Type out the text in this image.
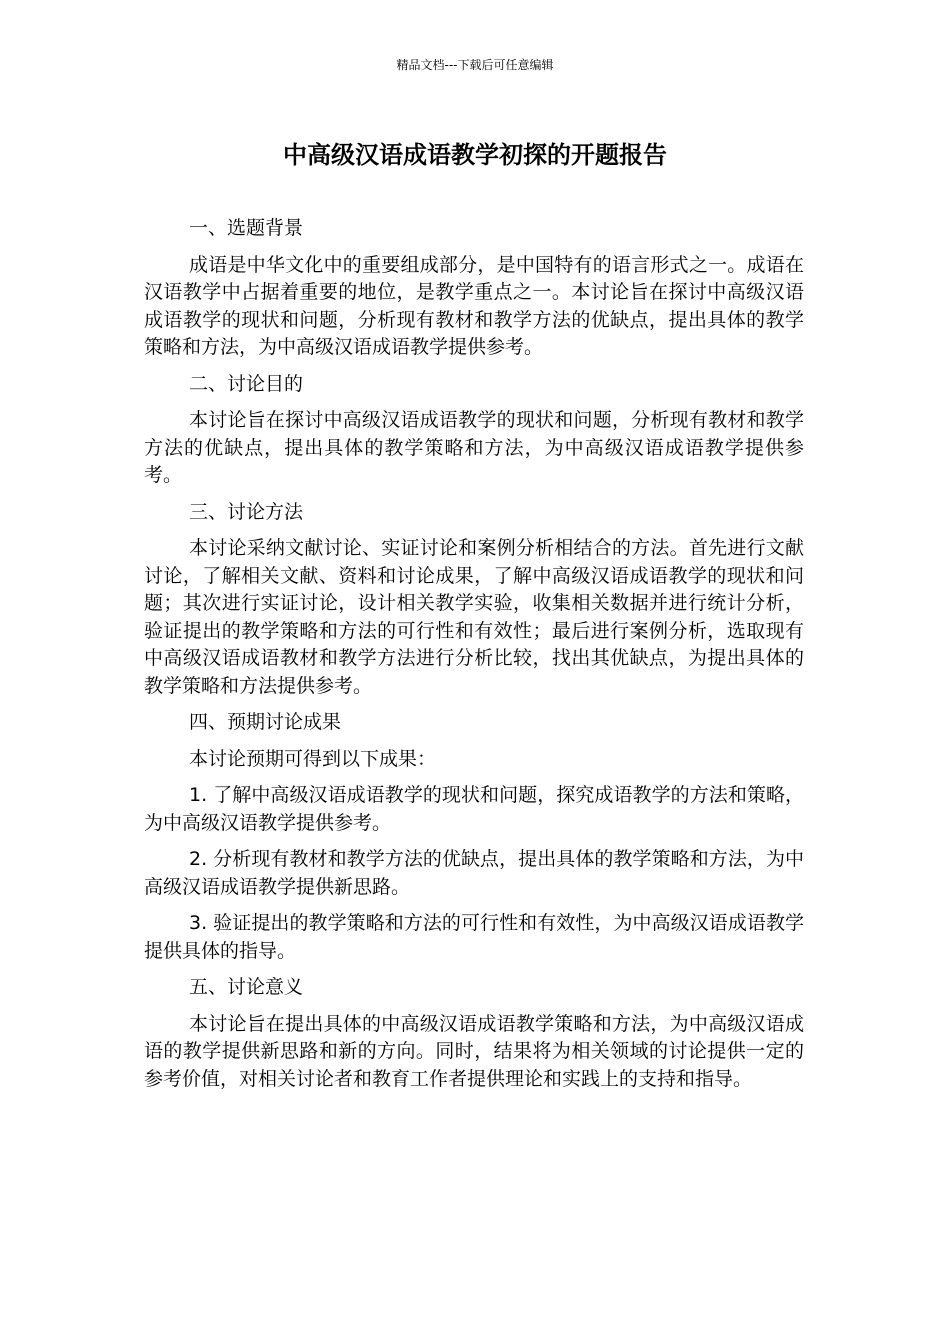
精品文档---下载后可任意编辑
中高级汉语成语教学初探的开题报告

一、选题背景

成语是中华文化中的重要组成部分，是中国特有的语言形式之一。成语在汉语教学中占据着重要的地位，是教学重点之一。本讨论旨在探讨中高级汉语成语教学的现状和问题，分析现有教材和教学方法的优缺点，提出具体的教学策略和方法，为中高级汉语成语教学提供参考。

二、讨论目的

本讨论旨在探讨中高级汉语成语教学的现状和问题，分析现有教材和教学方法的优缺点，提出具体的教学策略和方法，为中高级汉语成语教学提供参考。

三、讨论方法

本讨论采纳文献讨论、实证讨论和案例分析相结合的方法。首先进行文献讨论，了解相关文献、资料和讨论成果，了解中高级汉语成语教学的现状和问题；其次进行实证讨论，设计相关教学实验，收集相关数据并进行统计分析，验证提出的教学策略和方法的可行性和有效性；最后进行案例分析，选取现有中高级汉语成语教材和教学方法进行分析比较，找出其优缺点，为提出具体的教学策略和方法提供参考。

四、预期讨论成果

本讨论预期可得到以下成果：

1. 了解中高级汉语成语教学的现状和问题，探究成语教学的方法和策略，为中高级汉语教学提供参考。

2. 分析现有教材和教学方法的优缺点，提出具体的教学策略和方法，为中高级汉语成语教学提供新思路。

3. 验证提出的教学策略和方法的可行性和有效性，为中高级汉语成语教学提供具体的指导。

五、讨论意义

本讨论旨在提出具体的中高级汉语成语教学策略和方法，为中高级汉语成语的教学提供新思路和新的方向。同时，结果将为相关领域的讨论提供一定的参考价值，对相关讨论者和教育工作者提供理论和实践上的支持和指导。
